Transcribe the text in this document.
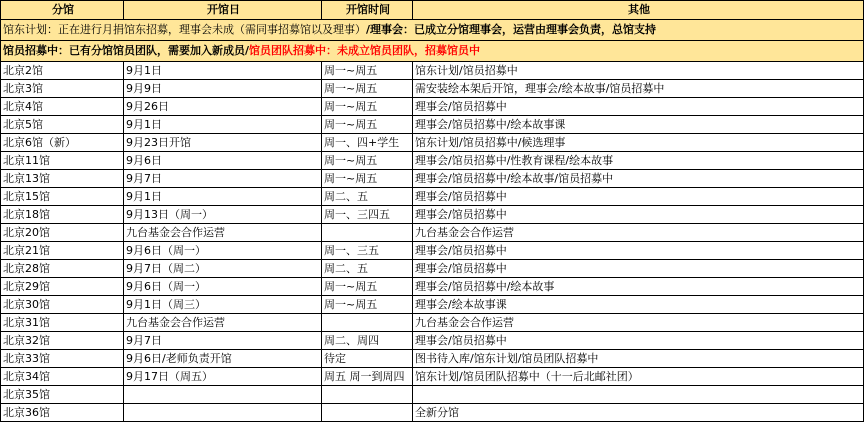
分馆	开馆日	开馆时间	其他
馆东计划：正在进行月捐馆东招募，理事会未成（需同事招募馆以及理事）/理事会：已成立分馆理事会，运营由理事会负责，总馆支持			
馆员招募中：已有分馆馆员团队，需要加入新成员/馆员团队招募中：未成立馆员团队，招募馆员中			
北京2馆	9月1日	周一~周五	馆东计划/馆员招募中
北京3馆	9月9日	周一~周五	需安装绘本架后开馆，理事会/绘本故事/馆员招募中
北京4馆	9月26日	周一~周五	理事会/馆员招募中
北京5馆	9月1日	周一~周五	理事会/馆员招募中/绘本故事课
北京6馆（新）	9月23日开馆	周一、四+学生	馆东计划/馆员招募中/候选理事
北京11馆	9月6日	周一~周五	理事会/馆员招募中/性教育课程/绘本故事
北京13馆	9月7日	周一~周五	理事会/馆员招募中/绘本故事/馆员招募中
北京15馆	9月1日	周二、五	理事会/馆员招募中
北京18馆	9月13日（周一）	周一、三四五	理事会/馆员招募中
北京20馆	九台基金会合作运营		九台基金会合作运营
北京21馆	9月6日（周一）	周一、三五	理事会/馆员招募中
北京28馆	9月7日（周二）	周二、五	理事会/馆员招募中
北京29馆	9月6日（周一）	周一~周五	理事会/馆员招募中/绘本故事
北京30馆	9月1日（周三）	周一~周五	理事会/绘本故事课
北京31馆	九台基金会合作运营		九台基金会合作运营
北京32馆	9月7日	周二、周四	理事会/馆员招募中
北京33馆	9月6日/老师负责开馆	待定	图书待入库/馆东计划/馆员团队招募中
北京34馆	9月17日（周五）	周五 周一到周四	馆东计划/馆员团队招募中（十一后北邮社团）
北京35馆			
北京36馆			全新分馆
